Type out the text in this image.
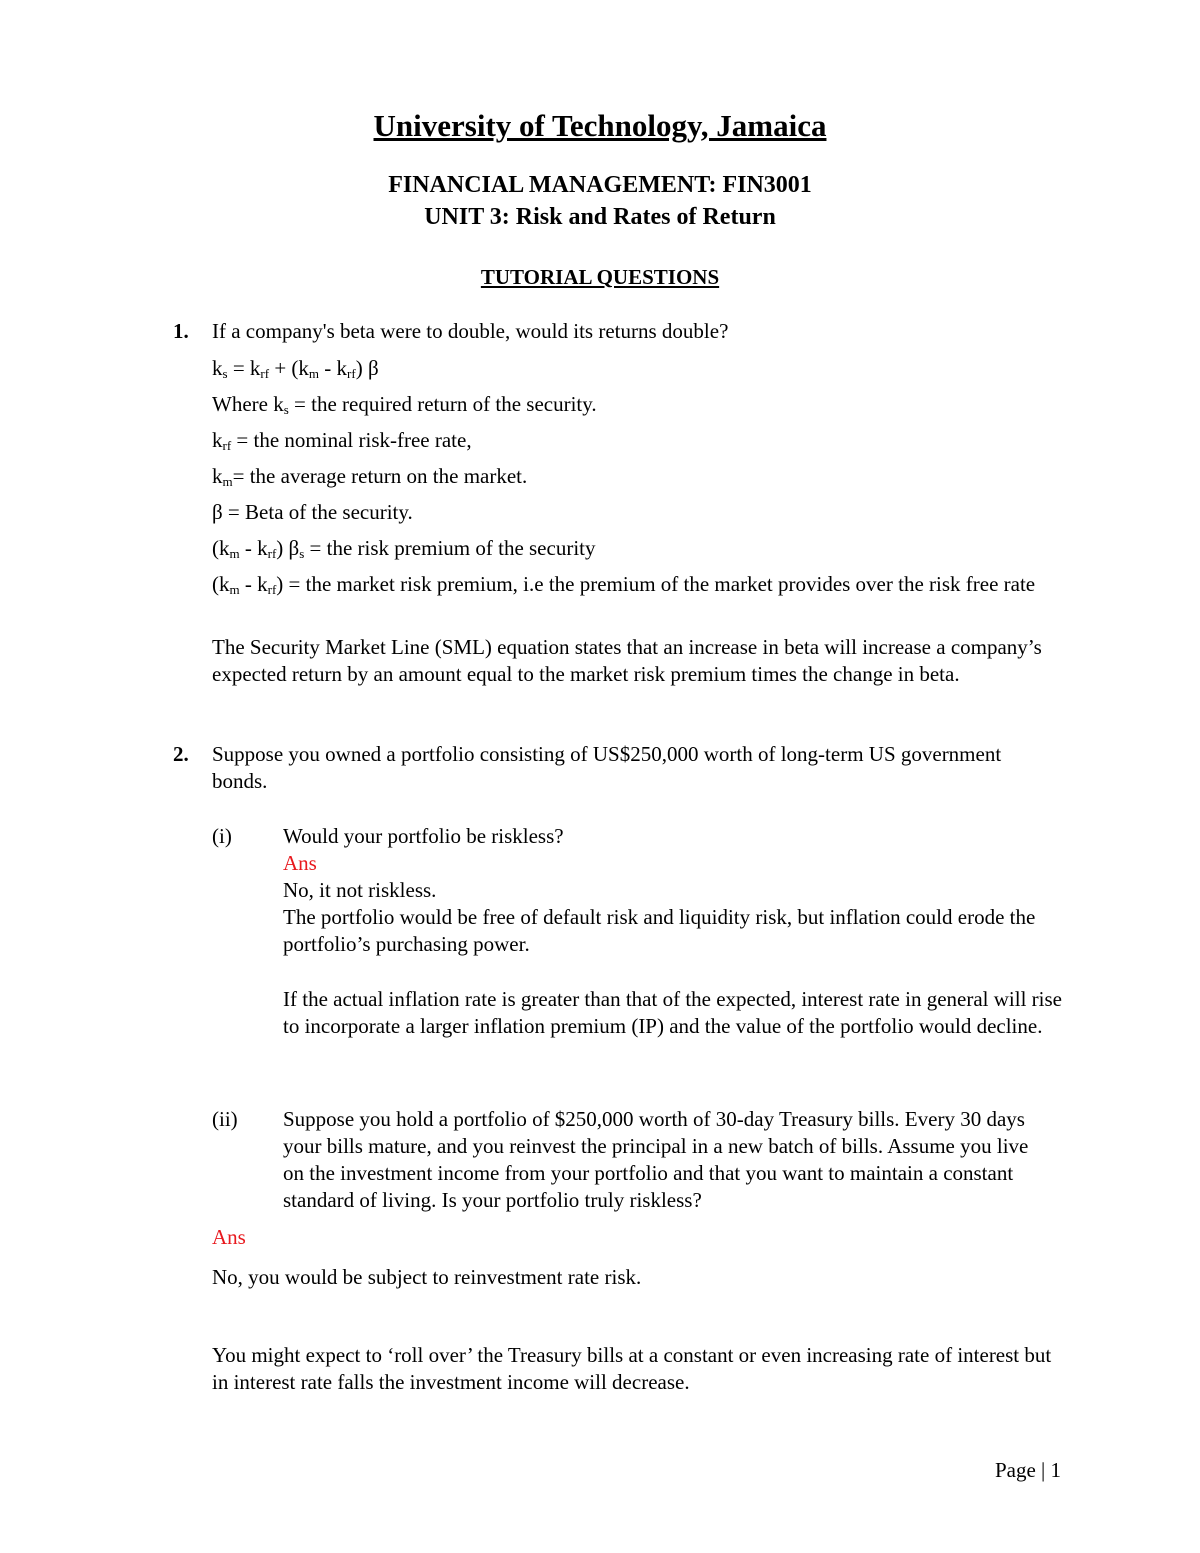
University of Technology, Jamaica
FINANCIAL MANAGEMENT: FIN3001
UNIT 3: Risk and Rates of Return
TUTORIAL QUESTIONS
1. If a company's beta were to double, would its returns double?
$k_s = k_{rf} + (k_m - k_{rf})$ β
Where $k_s$ = the required return of the security.
$k_{rf}$ = the nominal risk-free rate,
$k_m=$ the average return on the market.
β = Beta of the security.
$(k_m - k_{rf}) \beta_s$ = the risk premium of the security
$(k_m - k_{rf})$ = the market risk premium, i.e the premium of the market provides over the risk free rate
The Security Market Line (SML) equation states that an increase in beta will increase a company’s expected return by an amount equal to the market risk premium times the change in beta.
2. Suppose you owned a portfolio consisting of US$250,000 worth of long-term US government bonds.
(i) Would your portfolio be riskless?
Ans
No, it not riskless.
The portfolio would be free of default risk and liquidity risk, but inflation could erode the portfolio’s purchasing power.
If the actual inflation rate is greater than that of the expected, interest rate in general will rise to incorporate a larger inflation premium (IP) and the value of the portfolio would decline.
(ii) Suppose you hold a portfolio of $250,000 worth of 30-day Treasury bills. Every 30 days your bills mature, and you reinvest the principal in a new batch of bills. Assume you live on the investment income from your portfolio and that you want to maintain a constant standard of living. Is your portfolio truly riskless?
Ans
No, you would be subject to reinvestment rate risk.
You might expect to ‘roll over’ the Treasury bills at a constant or even increasing rate of interest but in interest rate falls the investment income will decrease.
Page | 1
